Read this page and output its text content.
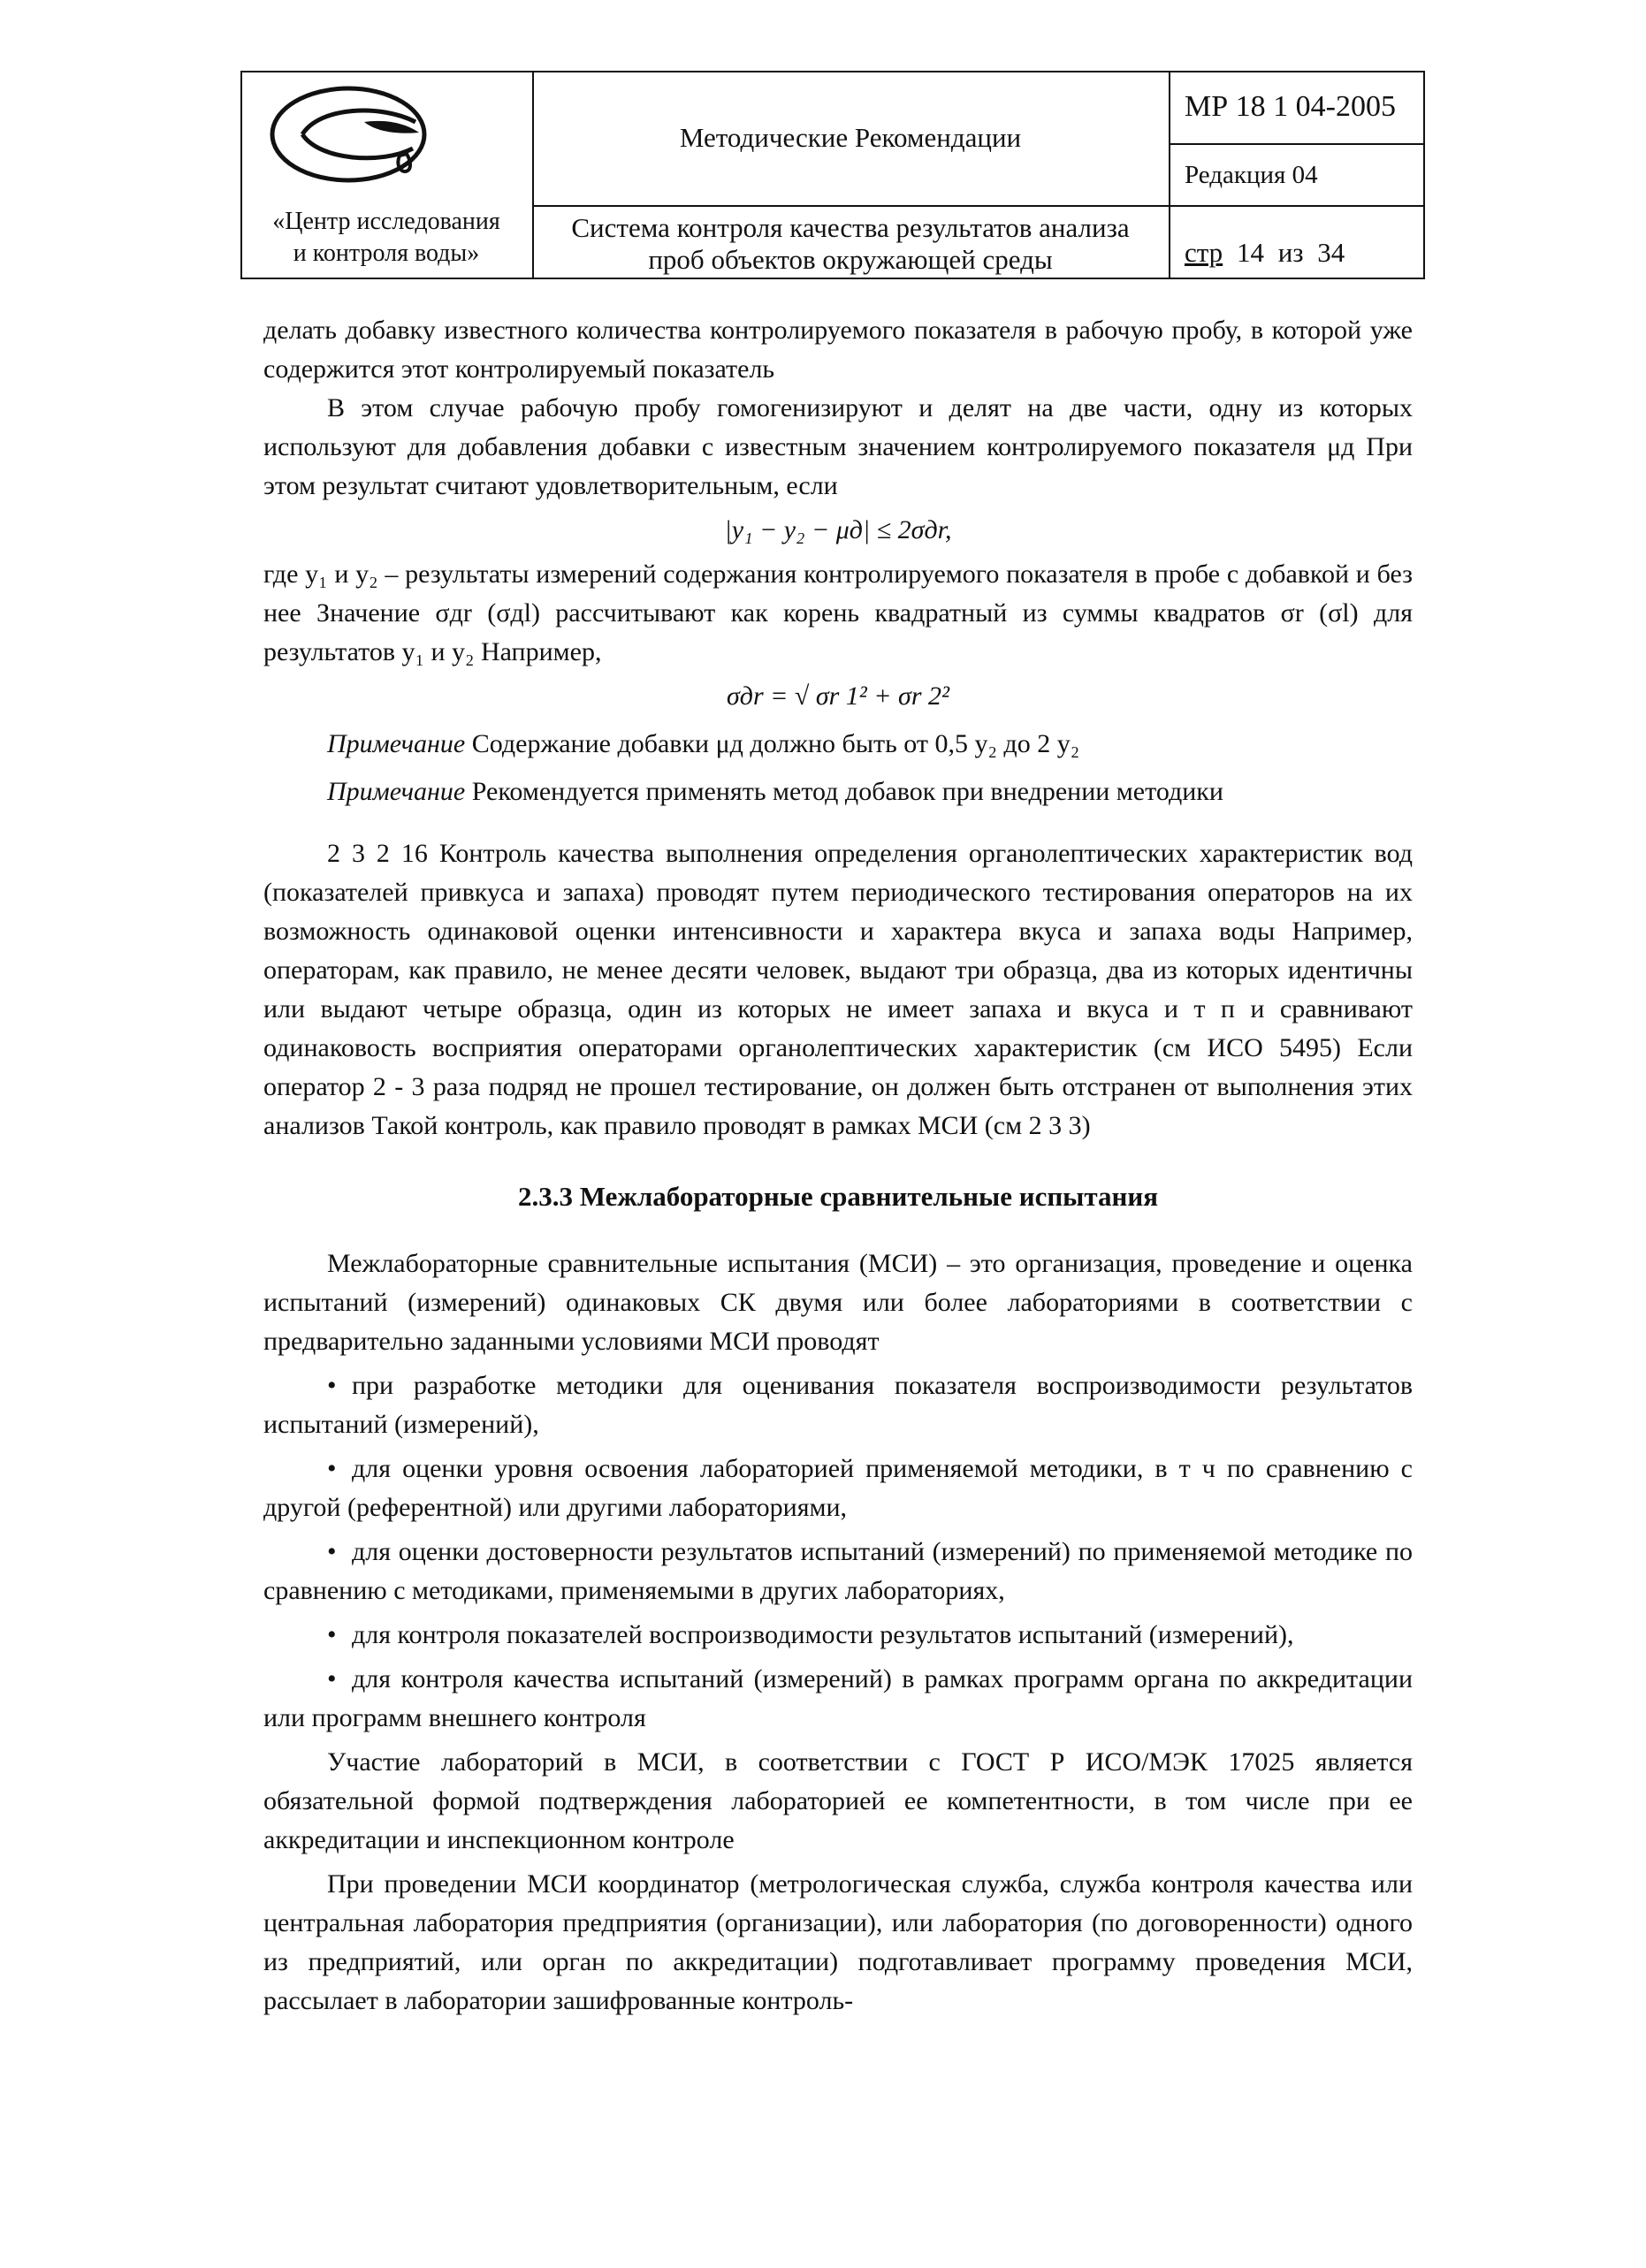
«Центр исследования
и контроля воды»
Методические Рекомендации
МР 18 1 04-2005
Редакция 04
Система контроля качества результатов анализа
проб объектов окружающей среды	стр 14 из 34

делать добавку известного количества контролируемого показателя в рабочую пробу, в которой уже содержится этот контролируемый показатель

В этом случае рабочую пробу гомогенизируют и делят на две части, одну из которых используют для добавления добавки с известным значением контролируемого показателя μд При этом результат считают удовлетворительным, если

|y₁ − y₂ − μд| ≤ 2σдr,

где y₁ и y₂ – результаты измерений содержания контролируемого показателя в пробе с добавкой и без нее Значение σдr (σдl) рассчитывают как корень квадратный из суммы квадратов σr (σl) для результатов y₁ и y₂ Например,

σдr = √ σr 1² + σr 2²

Примечание Содержание добавки μд должно быть от 0,5 y₂ до 2 y₂

Примечание Рекомендуется применять метод добавок при внедрении методики

2 3 2 16 Контроль качества выполнения определения органолептических характеристик вод (показателей привкуса и запаха) проводят путем периодического тестирования операторов на их возможность одинаковой оценки интенсивности и характера вкуса и запаха воды Например, операторам, как правило, не менее десяти человек, выдают три образца, два из которых идентичны или выдают четыре образца, один из которых не имеет запаха и вкуса и т п и сравнивают одинаковость восприятия операторами органолептических характеристик (см ИСО 5495) Если оператор 2 - 3 раза подряд не прошел тестирование, он должен быть отстранен от выполнения этих анализов Такой контроль, как правило проводят в рамках МСИ (см 2 3 3)

2.3.3 Межлабораторные сравнительные испытания

Межлабораторные сравнительные испытания (МСИ) – это организация, проведение и оценка испытаний (измерений) одинаковых СК двумя или более лабораториями в соответствии с предварительно заданными условиями МСИ проводят

• при разработке методики для оценивания показателя воспроизводимости результатов испытаний (измерений),

• для оценки уровня освоения лабораторией применяемой методики, в т ч по сравнению с другой (референтной) или другими лабораториями,

• для оценки достоверности результатов испытаний (измерений) по применяемой методике по сравнению с методиками, применяемыми в других лабораториях,

• для контроля показателей воспроизводимости результатов испытаний (измерений),

• для контроля качества испытаний (измерений) в рамках программ органа по аккредитации или программ внешнего контроля

Участие лабораторий в МСИ, в соответствии с ГОСТ Р ИСО/МЭК 17025 является обязательной формой подтверждения лабораторией ее компетентности, в том числе при ее аккредитации и инспекционном контроле

При проведении МСИ координатор (метрологическая служба, служба контроля качества или центральная лаборатория предприятия (организации), или лаборатория (по договоренности) одного из предприятий, или орган по аккредитации) подготавливает программу проведения МСИ, рассылает в лаборатории зашифрованные контроль-
